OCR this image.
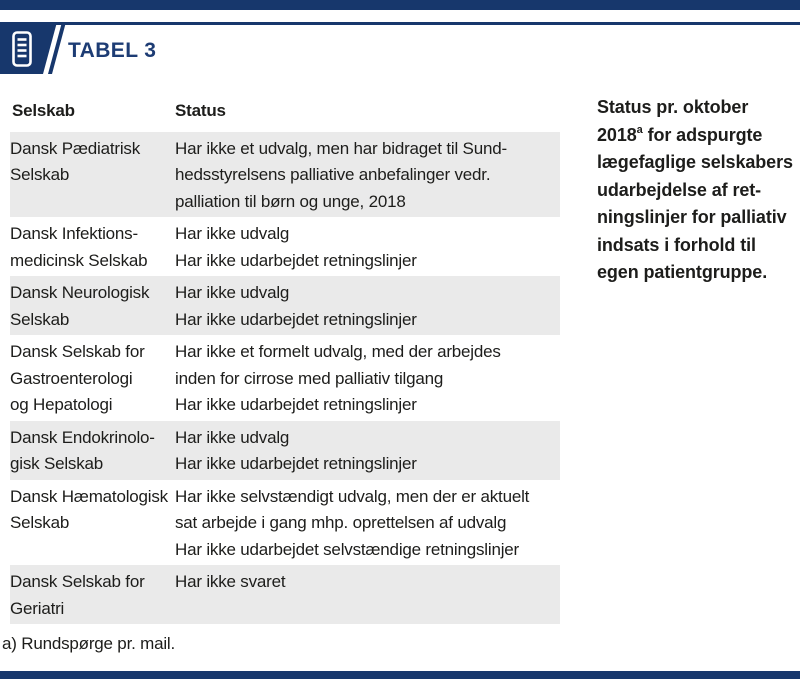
TABEL 3
Selskab	Status
Dansk Pædiatrisk
Selskab
Har ikke et udvalg, men har bidraget til Sund-
hedsstyrelsens palliative anbefalinger vedr.
palliation til børn og unge, 2018
Dansk Infektions-
medicinsk Selskab
Har ikke udvalg
Har ikke udarbejdet retningslinjer
Dansk Neurologisk
Selskab
Har ikke udvalg
Har ikke udarbejdet retningslinjer
Dansk Selskab for
Gastroenterologi
og Hepatologi
Har ikke et formelt udvalg, med der arbejdes
inden for cirrose med palliativ tilgang
Har ikke udarbejdet retningslinjer
Dansk Endokrinolo-
gisk Selskab
Har ikke udvalg
Har ikke udarbejdet retningslinjer
Dansk Hæmatologisk
Selskab
Har ikke selvstændigt udvalg, men der er aktuelt
sat arbejde i gang mhp. oprettelsen af udvalg
Har ikke udarbejdet selvstændige retningslinjer
Dansk Selskab for
Geriatri
Har ikke svaret
Status pr. oktober
2018$^a$ for adspurgte
lægefaglige selskabers
udarbejdelse af ret-
ningslinjer for palliativ
indsats i forhold til
egen patientgruppe.
a) Rundspørge pr. mail.
